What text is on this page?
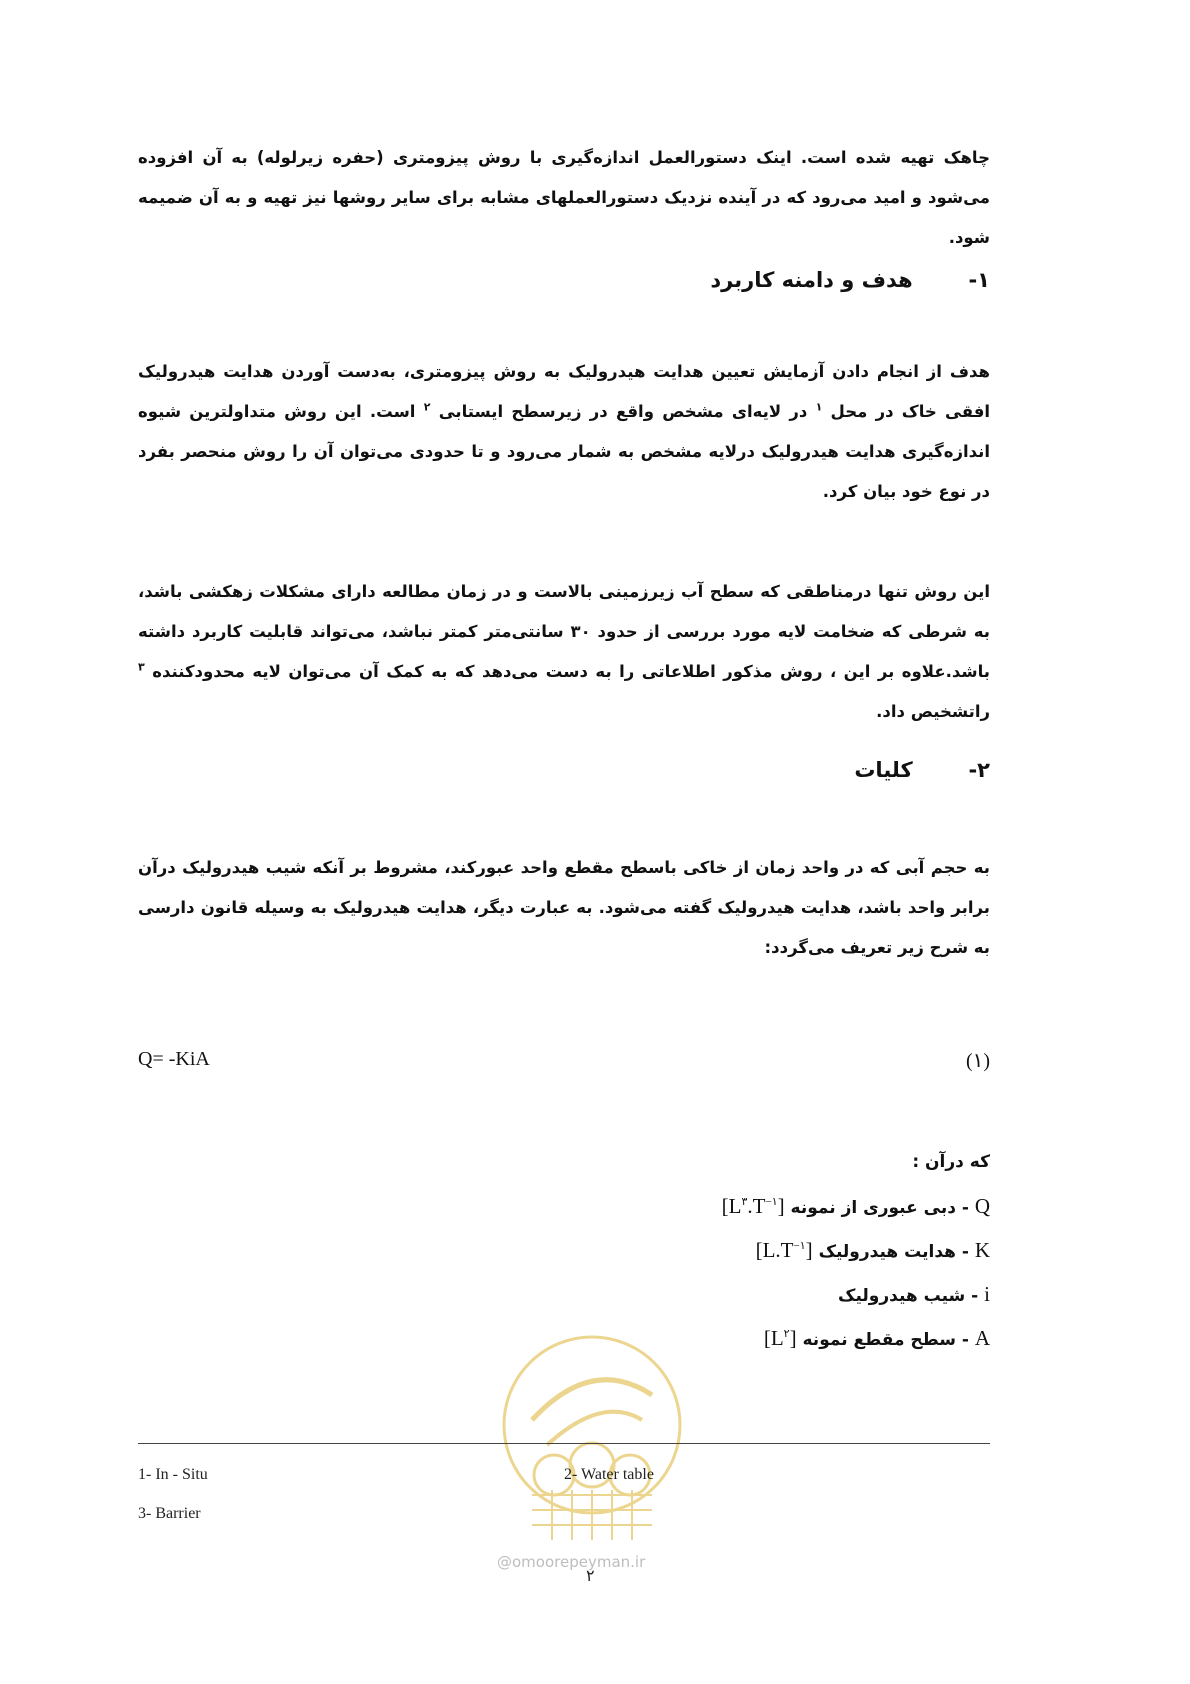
چاهک تهیه شده است. اینک دستورالعمل اندازه‌گیری با روش پیزومتری (حفره زیرلوله) به آن افزوده می‌شود و امید می‌رود که در آینده نزدیک دستورالعملهای مشابه برای سایر روشها نیز تهیه و به آن ضمیمه شود.
۱- هدف و دامنه کاربرد
هدف از انجام دادن آزمایش تعیین هدایت هیدرولیک به روش پیزومتری، به‌دست آوردن هدایت هیدرولیک افقی خاک در محل $^۱$ در لایه‌ای مشخص واقع در زیرسطح ایستابی $^۲$ است. این روش متداولترین شیوه اندازه‌گیری هدایت هیدرولیک درلایه مشخص به شمار می‌رود و تا حدودی می‌توان آن را روش منحصر بفرد در نوع خود بیان کرد.
این روش تنها درمناطقی که سطح آب زیرزمینی بالاست و در زمان مطالعه دارای مشکلات زهکشی باشد، به شرطی که ضخامت لایه مورد بررسی از حدود ۳۰ سانتی‌متر کمتر نباشد، می‌تواند قابلیت کاربرد داشته باشد.علاوه بر این ، روش مذکور اطلاعاتی را به دست می‌دهد که به کمک آن می‌توان لایه محدودکننده $^۳$ راتشخیص داد.
۲- کلیات
به حجم آبی که در واحد زمان از خاکی باسطح مقطع واحد عبورکند، مشروط بر آنکه شیب هیدرولیک درآن برابر واحد باشد، هدایت هیدرولیک گفته می‌شود. به عبارت دیگر، هدایت هیدرولیک به وسیله قانون دارسی به شرح زیر تعریف می‌گردد:
Q= -KiA	(۱)
که درآن :
Q - دبی عبوری از نمونه $[L^۳.T^{-۱}]$
K - هدایت هیدرولیک $[L.T^{-۱}]$
i - شیب هیدرولیک
A - سطح مقطع نمونه $[L^۲]$
@omoorepeyman.ir
1- In - Situ	2- Water table
3- Barrier
۲
